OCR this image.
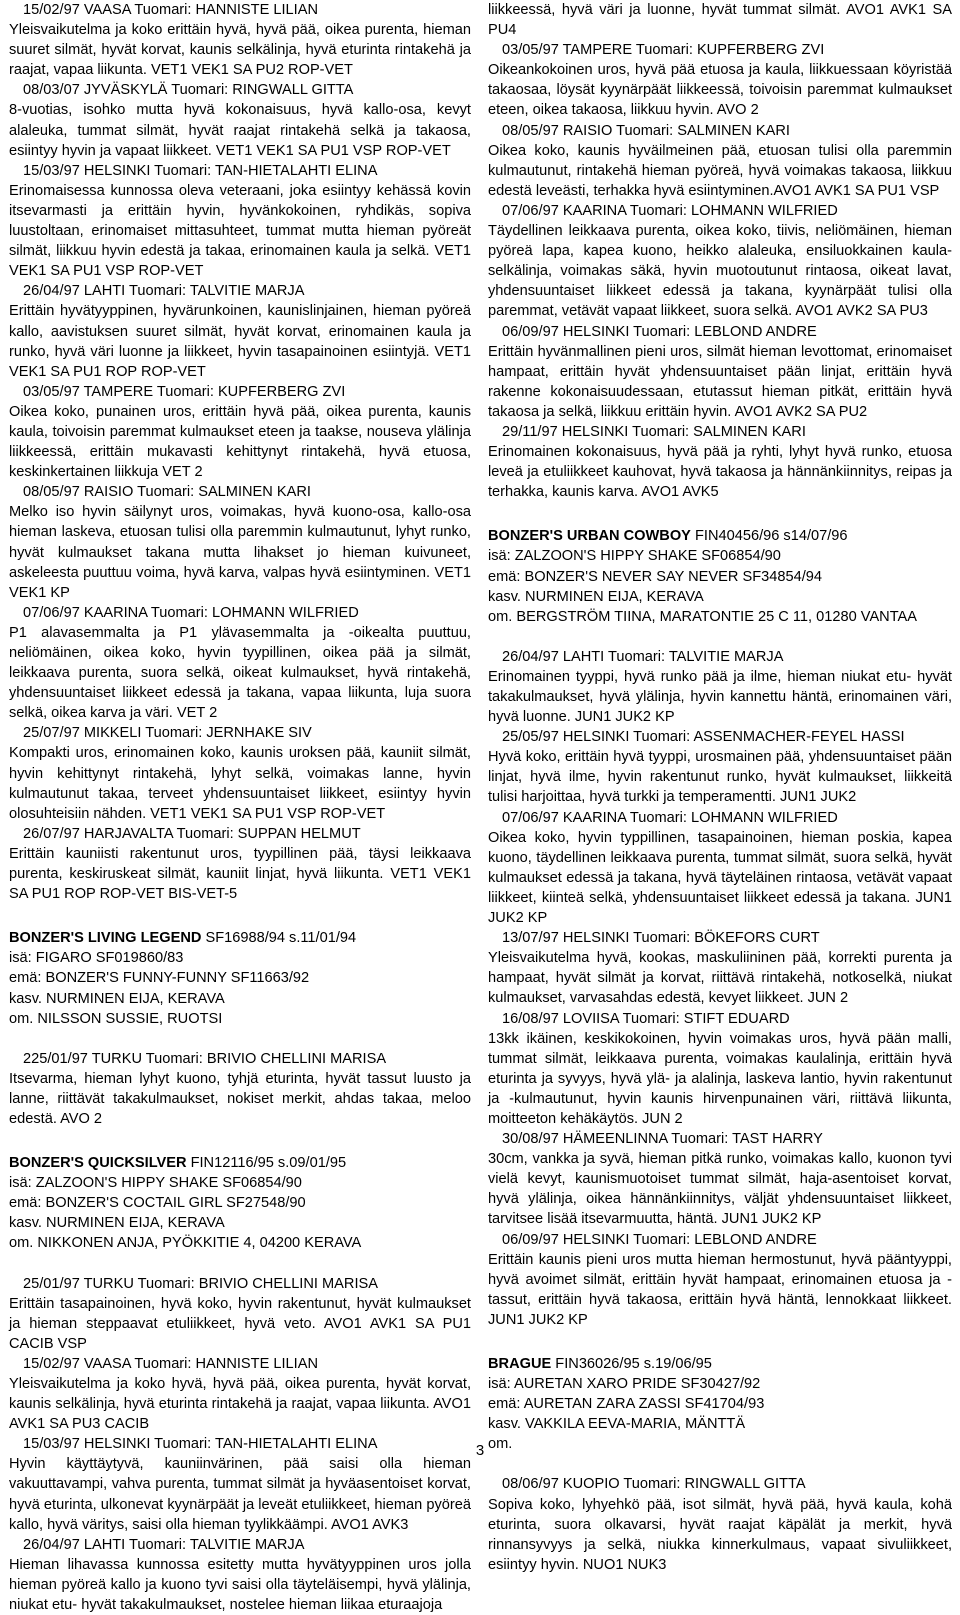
15/02/97 VAASA Tuomari: HANNISTE LILIAN

Yleisvaikutelma ja koko erittäin hyvä, hyvä pää, oikea purenta, hieman suuret silmät, hyvät korvat, kaunis selkälinja, hyvä eturinta rintakehä ja raajat, vapaa liikunta. VET1 VEK1 SA PU2 ROP-VET

08/03/07 JYVÄSKYLÄ Tuomari: RINGWALL GITTA

8-vuotias, isohko mutta hyvä kokonaisuus, hyvä kallo-osa, kevyt alaleuka, tummat silmät, hyvät raajat rintakehä selkä ja takaosa, esiintyy hyvin ja vapaat liikkeet. VET1 VEK1 SA PU1 VSP ROP-VET

15/03/97 HELSINKI Tuomari: TAN-HIETALAHTI ELINA

Erinomaisessa kunnossa oleva veteraani, joka esiintyy kehässä kovin itsevarmasti ja erittäin hyvin, hyvänkokoinen, ryhdikäs, sopiva luustoltaan, erinomaiset mittasuhteet, tummat mutta hieman pyöreät silmät, liikkuu hyvin edestä ja takaa, erinomainen kaula ja selkä. VET1 VEK1 SA PU1 VSP ROP-VET

26/04/97 LAHTI Tuomari: TALVITIE MARJA

Erittäin hyvätyyppinen, hyvärunkoinen, kaunislinjainen, hieman pyöreä kallo, aavistuksen suuret silmät, hyvät korvat, erinomainen kaula ja runko, hyvä väri luonne ja liikkeet, hyvin tasapainoinen esiintyjä. VET1 VEK1 SA PU1 ROP ROP-VET

03/05/97 TAMPERE Tuomari: KUPFERBERG ZVI

Oikea koko, punainen uros, erittäin hyvä pää, oikea purenta, kaunis kaula, toivoisin paremmat kulmaukset eteen ja taakse, nouseva ylälinja liikkeessä, erittäin mukavasti kehittynyt rintakehä, hyvä etuosa, keskinkertainen liikkuja VET 2

08/05/97 RAISIO Tuomari: SALMINEN KARI

Melko iso hyvin säilynyt uros, voimakas, hyvä kuono-osa, kallo-osa hieman laskeva, etuosan tulisi olla paremmin kulmautunut, lyhyt runko, hyvät kulmaukset takana mutta lihakset jo hieman kuivuneet, askeleesta puuttuu voima, hyvä karva, valpas hyvä esiintyminen. VET1 VEK1 KP

07/06/97 KAARINA Tuomari: LOHMANN WILFRIED

P1 alavasemmalta ja P1 ylävasemmalta ja -oikealta puuttuu, neliömäinen, oikea koko, hyvin tyypillinen, oikea pää ja silmät, leikkaava purenta, suora selkä, oikeat kulmaukset, hyvä rintakehä, yhdensuuntaiset liikkeet edessä ja takana, vapaa liikunta, luja suora selkä, oikea karva ja väri. VET 2

25/07/97 MIKKELI Tuomari: JERNHAKE SIV

Kompakti uros, erinomainen koko, kaunis uroksen pää, kauniit silmät, hyvin kehittynyt rintakehä, lyhyt selkä, voimakas lanne, hyvin kulmautunut takaa, terveet yhdensuuntaiset liikkeet, esiintyy hyvin olosuhteisiin nähden. VET1 VEK1 SA PU1 VSP ROP-VET

26/07/97 HARJAVALTA Tuomari: SUPPAN HELMUT

Erittäin kauniisti rakentunut uros, tyypillinen pää, täysi leikkaava purenta, keskiruskeat silmät, kauniit linjat, hyvä liikunta. VET1 VEK1 SA PU1 ROP ROP-VET BIS-VET-5

BONZER'S LIVING LEGEND SF16988/94 s.11/01/94

isä: FIGARO SF019860/83

emä: BONZER'S FUNNY-FUNNY SF11663/92

kasv. NURMINEN EIJA, KERAVA

om. NILSSON SUSSIE, RUOTSI

225/01/97 TURKU Tuomari: BRIVIO CHELLINI MARISA

Itsevarma, hieman lyhyt kuono, tyhjä eturinta, hyvät tassut luusto ja lanne, riittävät takakulmaukset, nokiset merkit, ahdas takaa, meloo edestä. AVO 2

BONZER'S QUICKSILVER FIN12116/95 s.09/01/95

isä: ZALZOON'S HIPPY SHAKE SF06854/90

emä: BONZER'S COCTAIL GIRL SF27548/90

kasv. NURMINEN EIJA, KERAVA

om. NIKKONEN ANJA, PYÖKKITIE 4, 04200 KERAVA

25/01/97 TURKU Tuomari: BRIVIO CHELLINI MARISA

Erittäin tasapainoinen, hyvä koko, hyvin rakentunut, hyvät kulmaukset ja hieman steppaavat etuliikkeet, hyvä veto. AVO1 AVK1 SA PU1 CACIB VSP

15/02/97 VAASA Tuomari: HANNISTE LILIAN

Yleisvaikutelma ja koko hyvä, hyvä pää, oikea purenta, hyvät korvat, kaunis selkälinja, hyvä eturinta rintakehä ja raajat, vapaa liikunta. AVO1 AVK1 SA PU3 CACIB

15/03/97 HELSINKI Tuomari: TAN-HIETALAHTI ELINA

Hyvin käyttäytyvä, kauniinvärinen, pää saisi olla hieman vakuuttavampi, vahva purenta, tummat silmät ja hyväasentoiset korvat, hyvä eturinta, ulkonevat kyynärpäät ja leveät etuliikkeet, hieman pyöreä kallo, hyvä väritys, saisi olla hieman tyylikkäämpi. AVO1 AVK3

26/04/97 LAHTI Tuomari: TALVITIE MARJA

Hieman lihavassa kunnossa esitetty mutta hyvätyyppinen uros jolla hieman pyöreä kallo ja kuono tyvi saisi olla täyteläisempi, hyvä ylälinja, niukat etu- hyvät takakulmaukset, nostelee hieman liikaa eturaajoja

liikkeessä, hyvä väri ja luonne, hyvät tummat silmät. AVO1 AVK1 SA PU4

03/05/97 TAMPERE Tuomari: KUPFERBERG ZVI

Oikeankokoinen uros, hyvä pää etuosa ja kaula, liikkuessaan köyristää takaosaa, löysät kyynärpäät liikkeessä, toivoisin paremmat kulmaukset eteen, oikea takaosa, liikkuu hyvin. AVO 2

08/05/97 RAISIO Tuomari: SALMINEN KARI

Oikea koko, kaunis hyväilmeinen pää, etuosan tulisi olla paremmin kulmautunut, rintakehä hieman pyöreä, hyvä voimakas takaosa, liikkuu edestä leveästi, terhakka hyvä esiintyminen.AVO1 AVK1 SA PU1 VSP

07/06/97 KAARINA Tuomari: LOHMANN WILFRIED

Täydellinen leikkaava purenta, oikea koko, tiivis, neliömäinen, hieman pyöreä lapa, kapea kuono, heikko alaleuka, ensiluokkainen kaula-selkälinja, voimakas säkä, hyvin muotoutunut rintaosa, oikeat lavat, yhdensuuntaiset liikkeet edessä ja takana, kyynärpäät tulisi olla paremmat, vetävät vapaat liikkeet, suora selkä. AVO1 AVK2 SA PU3

06/09/97 HELSINKI Tuomari: LEBLOND ANDRE

Erittäin hyvänmallinen pieni uros, silmät hieman levottomat, erinomaiset hampaat, erittäin hyvät yhdensuuntaiset pään linjat, erittäin hyvä rakenne kokonaisuudessaan, etutassut hieman pitkät, erittäin hyvä takaosa ja selkä, liikkuu erittäin hyvin. AVO1 AVK2 SA PU2

29/11/97 HELSINKI Tuomari: SALMINEN KARI

Erinomainen kokonaisuus, hyvä pää ja ryhti, lyhyt hyvä runko, etuosa leveä ja etuliikkeet kauhovat, hyvä takaosa ja hännänkiinnitys, reipas ja terhakka, kaunis karva. AVO1 AVK5

BONZER'S URBAN COWBOY FIN40456/96 s14/07/96

isä: ZALZOON'S HIPPY SHAKE SF06854/90

emä: BONZER'S NEVER SAY NEVER SF34854/94

kasv. NURMINEN EIJA, KERAVA

om. BERGSTRÖM TIINA, MARATONTIE 25 C 11, 01280 VANTAA

26/04/97 LAHTI Tuomari: TALVITIE MARJA

Erinomainen tyyppi, hyvä runko pää ja ilme, hieman niukat etu- hyvät takakulmaukset, hyvä ylälinja, hyvin kannettu häntä, erinomainen väri, hyvä luonne. JUN1 JUK2 KP

25/05/97 HELSINKI Tuomari: ASSENMACHER-FEYEL HASSI

Hyvä koko, erittäin hyvä tyyppi, urosmainen pää, yhdensuuntaiset pään linjat, hyvä ilme, hyvin rakentunut runko, hyvät kulmaukset, liikkeitä tulisi harjoittaa, hyvä turkki ja temperamentti. JUN1 JUK2

07/06/97 KAARINA Tuomari: LOHMANN WILFRIED

Oikea koko, hyvin typpillinen, tasapainoinen, hieman poskia, kapea kuono, täydellinen leikkaava purenta, tummat silmät, suora selkä, hyvät kulmaukset edessä ja takana, hyvä täyteläinen rintaosa, vetävät vapaat liikkeet, kiinteä selkä, yhdensuuntaiset liikkeet edessä ja takana. JUN1 JUK2 KP

13/07/97 HELSINKI Tuomari: BÖKEFORS CURT

Yleisvaikutelma hyvä, kookas, maskuliininen pää, korrekti purenta ja hampaat, hyvät silmät ja korvat, riittävä rintakehä, notkoselkä, niukat kulmaukset, varvasahdas edestä, kevyet liikkeet. JUN 2

16/08/97 LOVIISA Tuomari: STIFT EDUARD

13kk ikäinen, keskikokoinen, hyvin voimakas uros, hyvä pään malli, tummat silmät, leikkaava purenta, voimakas kaulalinja, erittäin hyvä eturinta ja syvyys, hyvä ylä- ja alalinja, laskeva lantio, hyvin rakentunut ja -kulmautunut, hyvin kaunis hirvenpunainen väri, riittävä liikunta, moitteeton kehäkäytös. JUN 2

30/08/97 HÄMEENLINNA Tuomari: TAST HARRY

30cm, vankka ja syvä, hieman pitkä runko, voimakas kallo, kuonon tyvi vielä kevyt, kaunismuotoiset tummat silmät, haja-asentoiset korvat, hyvä ylälinja, oikea hännänkiinnitys, väljät yhdensuuntaiset liikkeet, tarvitsee lisää itsevarmuutta, häntä. JUN1 JUK2 KP

06/09/97 HELSINKI Tuomari: LEBLOND ANDRE

Erittäin kaunis pieni uros mutta hieman hermostunut, hyvä pääntyyppi, hyvä avoimet silmät, erittäin hyvät hampaat, erinomainen etuosa ja - tassut, erittäin hyvä takaosa, erittäin hyvä häntä, lennokkaat liikkeet. JUN1 JUK2 KP

BRAGUE FIN36026/95 s.19/06/95

isä: AURETAN XARO PRIDE SF30427/92

emä: AURETAN ZARA ZASSI SF41704/93

kasv. VAKKILA EEVA-MARIA, MÄNTTÄ

om.

08/06/97 KUOPIO Tuomari: RINGWALL GITTA

Sopiva koko, lyhyehkö pää, isot silmät, hyvä pää, hyvä kaula, kohä eturinta, suora olkavarsi, hyvät raajat käpälät ja merkit, hyvä rinnansyvyys ja selkä, niukka kinnerkulmaus, vapaat sivuliikkeet, esiintyy hyvin. NUO1 NUK3

3
